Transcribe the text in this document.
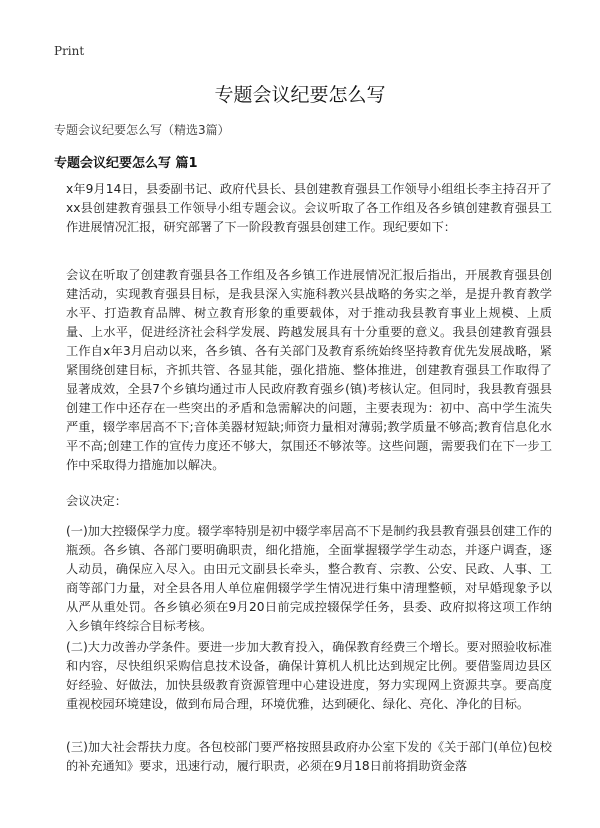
Print
专题会议纪要怎么写
专题会议纪要怎么写（精选3篇）
专题会议纪要怎么写 篇1
x年9月14日，县委副书记、政府代县长、县创建教育强县工作领导小组组长李主持召开了xx县创建教育强县工作领导小组专题会议。会议听取了各工作组及各乡镇创建教育强县工作进展情况汇报，研究部署了下一阶段教育强县创建工作。现纪要如下：
会议在听取了创建教育强县各工作组及各乡镇工作进展情况汇报后指出，开展教育强县创建活动，实现教育强县目标，是我县深入实施科教兴县战略的务实之举，是提升教育教学水平、打造教育品牌、树立教育形象的重要载体，对于推动我县教育事业上规模、上质量、上水平，促进经济社会科学发展、跨越发展具有十分重要的意义。我县创建教育强县工作自x年3月启动以来，各乡镇、各有关部门及教育系统始终坚持教育优先发展战略，紧紧围绕创建目标，齐抓共管、各显其能，强化措施、整体推进，创建教育强县工作取得了显著成效，全县7个乡镇均通过市人民政府教育强乡(镇)考核认定。但同时，我县教育强县创建工作中还存在一些突出的矛盾和急需解决的问题，主要表现为：初中、高中学生流失严重，辍学率居高不下;音体美器材短缺;师资力量相对薄弱;教学质量不够高;教育信息化水平不高;创建工作的宣传力度还不够大，氛围还不够浓等。这些问题，需要我们在下一步工作中采取得力措施加以解决。
会议决定：
(一)加大控辍保学力度。辍学率特别是初中辍学率居高不下是制约我县教育强县创建工作的瓶颈。各乡镇、各部门要明确职责，细化措施，全面掌握辍学学生动态，并逐户调查，逐人动员，确保应入尽入。由田元文副县长牵头，整合教育、宗教、公安、民政、人事、工商等部门力量，对全县各用人单位雇佣辍学学生情况进行集中清理整顿，对早婚现象予以从严从重处罚。各乡镇必须在9月20日前完成控辍保学任务，县委、政府拟将这项工作纳入乡镇年终综合目标考核。
(二)大力改善办学条件。要进一步加大教育投入，确保教育经费三个增长。要对照验收标准和内容，尽快组织采购信息技术设备，确保计算机人机比达到规定比例。要借鉴周边县区好经验、好做法，加快县级教育资源管理中心建设进度，努力实现网上资源共享。要高度重视校园环境建设，做到布局合理，环境优雅，达到硬化、绿化、亮化、净化的目标。
(三)加大社会帮扶力度。各包校部门要严格按照县政府办公室下发的《关于部门(单位)包校的补充通知》要求，迅速行动，履行职责，必须在9月18日前将捐助资金落
